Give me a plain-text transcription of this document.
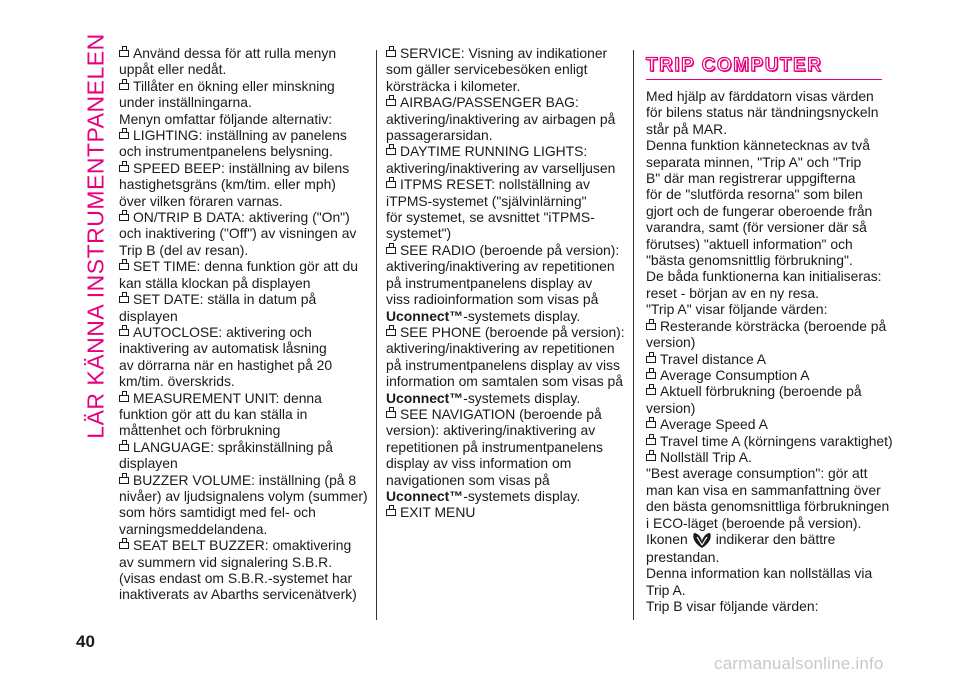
LÄR KÄNNA INSTRUMENTPANELEN	Använd dessa för att rulla menyn
uppåt eller nedåt.
Tillåter en ökning eller minskning
under inställningarna.
Menyn omfattar följande alternativ:
LIGHTING: inställning av panelens
och instrumentpanelens belysning.
SPEED BEEP: inställning av bilens
hastighetsgräns (km/tim. eller mph)
över vilken föraren varnas.
ON/TRIP B DATA: aktivering ("On")
och inaktivering ("Off") av visningen av
Trip B (del av resan).
SET TIME: denna funktion gör att du
kan ställa klockan på displayen
SET DATE: ställa in datum på
displayen
AUTOCLOSE: aktivering och
inaktivering av automatisk låsning
av dörrarna när en hastighet på 20
km/tim. överskrids.
MEASUREMENT UNIT: denna
funktion gör att du kan ställa in
måttenhet och förbrukning
LANGUAGE: språkinställning på
displayen
BUZZER VOLUME: inställning (på 8
nivåer) av ljudsignalens volym (summer)
som hörs samtidigt med fel- och
varningsmeddelandena.
SEAT BELT BUZZER: omaktivering
av summern vid signalering S.B.R.
(visas endast om S.B.R.-systemet har
inaktiverats av Abarths servicenätverk)
SERVICE: Visning av indikationer
som gäller servicebesöken enligt
körsträcka i kilometer.
AIRBAG/PASSENGER BAG:
aktivering/inaktivering av airbagen på
passagerarsidan.
DAYTIME RUNNING LIGHTS:
aktivering/inaktivering av varselljusen
ITPMS RESET: nollställning av
iTPMS-systemet ("självinlärning"
för systemet, se avsnittet "iTPMS-
systemet")
SEE RADIO (beroende på version):
aktivering/inaktivering av repetitionen
på instrumentpanelens display av
viss radioinformation som visas på
Uconnect™-systemets display.
SEE PHONE (beroende på version):
aktivering/inaktivering av repetitionen
på instrumentpanelens display av viss
information om samtalen som visas på
Uconnect™-systemets display.
SEE NAVIGATION (beroende på
version): aktivering/inaktivering av
repetitionen på instrumentpanelens
display av viss information om
navigationen som visas på
Uconnect™-systemets display.
EXIT MENU
TRIP COMPUTER
Med hjälp av färddatorn visas värden
för bilens status när tändningsnyckeln
står på MAR.
Denna funktion kännetecknas av två
separata minnen, "Trip A" och "Trip
B" där man registrerar uppgifterna
för de "slutförda resorna" som bilen
gjort och de fungerar oberoende från
varandra, samt (för versioner där så
förutses) "aktuell information" och
"bästa genomsnittlig förbrukning".
De båda funktionerna kan initialiseras:
reset - början av en ny resa.
"Trip A" visar följande värden:
Resterande körsträcka (beroende på
version)
Travel distance A
Average Consumption A
Aktuell förbrukning (beroende på
version)
Average Speed A
Travel time A (körningens varaktighet)
Nollställ Trip A.
"Best average consumption": gör att
man kan visa en sammanfattning över
den bästa genomsnittliga förbrukningen
i ECO-läget (beroende på version).
Ikonen indikerar den bättre
prestandan.
Denna information kan nollställas via
Trip A.
Trip B visar följande värden:
40
carmanualsonline.info
